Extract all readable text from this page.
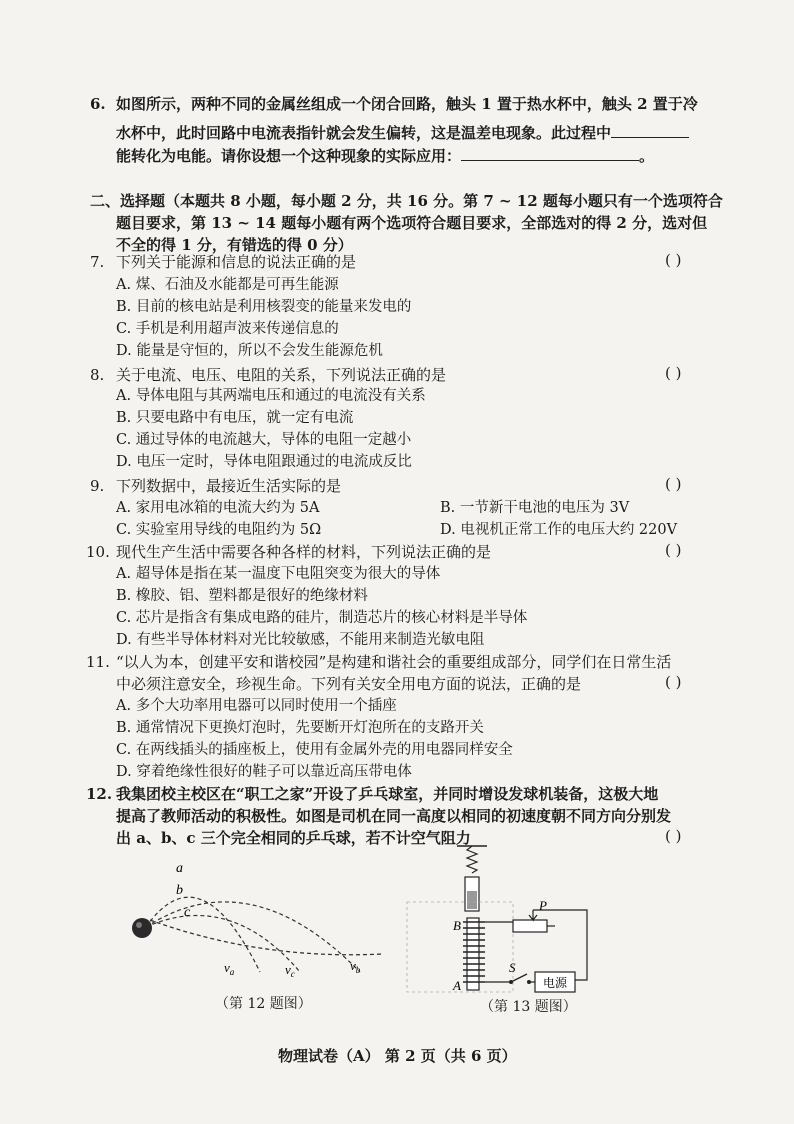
6. 如图所示，两种不同的金属丝组成一个闭合回路，触头 1 置于热水杯中，触头 2 置于冷
水杯中，此时回路中电流表指针就会发生偏转，这是温差电现象。此过程中
能转化为电能。请你设想一个这种现象的实际应用：	。
二、选择题（本题共 8 小题，每小题 2 分，共 16 分。第 7 ~ 12 题每小题只有一个选项符合
题目要求，第 13 ~ 14 题每小题有两个选项符合题目要求，全部选对的得 2 分，选对但
不全的得 1 分，有错选的得 0 分）
7. 下列关于能源和信息的说法正确的是	( )
A. 煤、石油及水能都是可再生能源
B. 目前的核电站是利用核裂变的能量来发电的
C. 手机是利用超声波来传递信息的
D. 能量是守恒的，所以不会发生能源危机
8. 关于电流、电压、电阻的关系，下列说法正确的是	( )
A. 导体电阻与其两端电压和通过的电流没有关系
B. 只要电路中有电压，就一定有电流
C. 通过导体的电流越大，导体的电阻一定越小
D. 电压一定时，导体电阻跟通过的电流成反比
9. 下列数据中，最接近生活实际的是	( )
A. 家用电冰箱的电流大约为 5A	B. 一节新干电池的电压为 3V
C. 实验室用导线的电阻约为 5Ω	D. 电视机正常工作的电压大约 220V
10. 现代生产生活中需要各种各样的材料，下列说法正确的是	( )
A. 超导体是指在某一温度下电阻突变为很大的导体
B. 橡胶、铝、塑料都是很好的绝缘材料
C. 芯片是指含有集成电路的硅片，制造芯片的核心材料是半导体
D. 有些半导体材料对光比较敏感，不能用来制造光敏电阻
11. “以人为本，创建平安和谐校园”是构建和谐社会的重要组成部分，同学们在日常生活
中必须注意安全，珍视生命。下列有关安全用电方面的说法，正确的是	( )
A. 多个大功率用电器可以同时使用一个插座
B. 通常情况下更换灯泡时，先要断开灯泡所在的支路开关
C. 在两线插头的插座板上，使用有金属外壳的用电器同样安全
D. 穿着绝缘性很好的鞋子可以靠近高压带电体
12. 我集团校主校区在“职工之家”开设了乒乓球室，并同时增设发球机装备，这极大地
提高了教师活动的积极性。如图是司机在同一高度以相同的初速度朝不同方向分别发
出 a、b、c 三个完全相同的乒乓球，若不计空气阻力	( )
a
b
c
$v_a$	$v_c$
$v_b$
（第 12 题图）
电源
B
A
P
S
（第 13 题图）
物理试卷（A） 第 2 页（共 6 页）
